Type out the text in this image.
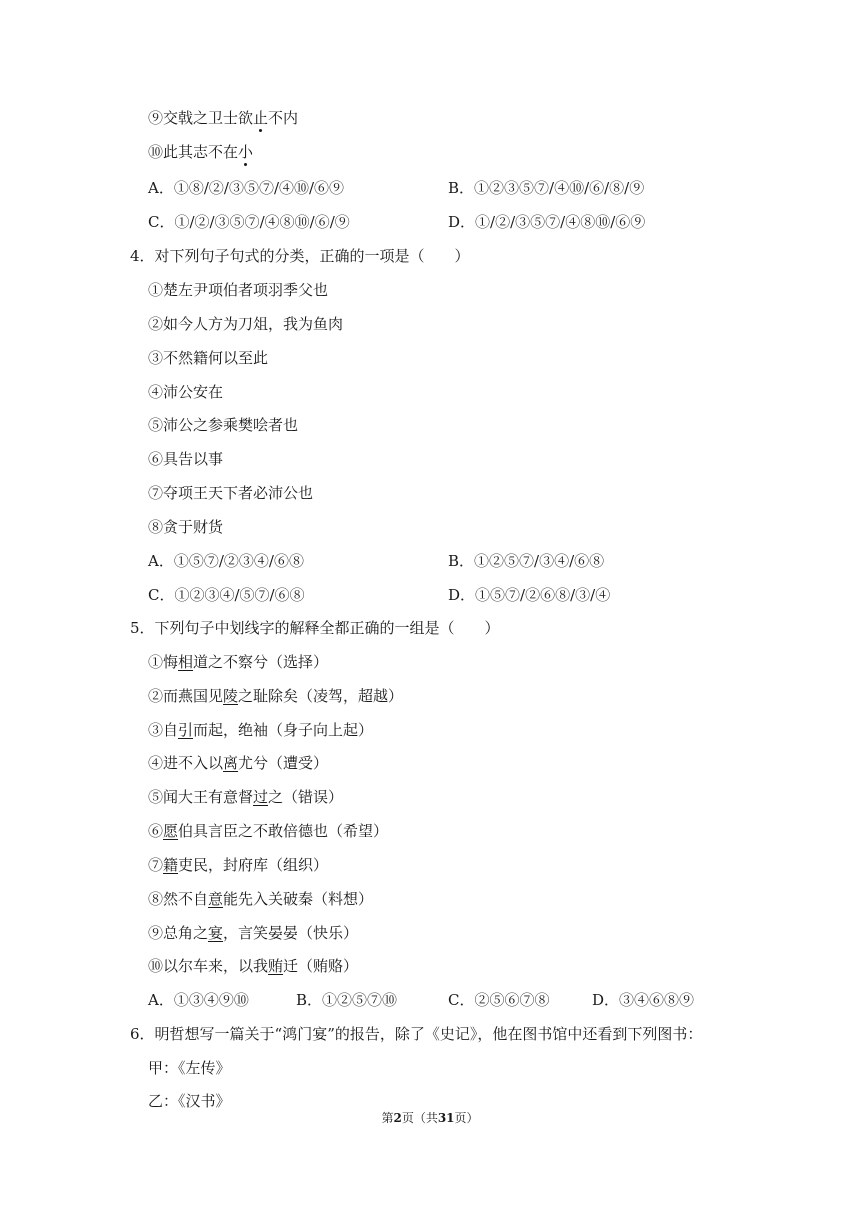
⑨交戟之卫士欲止不内
⑩此其志不在小
A．①⑧/②/③⑤⑦/④⑩/⑥⑨	B．①②③⑤⑦/④⑩/⑥/⑧/⑨
C．①/②/③⑤⑦/④⑧⑩/⑥/⑨	D．①/②/③⑤⑦/④⑧⑩/⑥⑨
4．对下列句子句式的分类，正确的一项是（　　）
①楚左尹项伯者项羽季父也
②如今人方为刀俎，我为鱼肉
③不然籍何以至此
④沛公安在
⑤沛公之参乘樊哙者也
⑥具告以事
⑦夺项王天下者必沛公也
⑧贪于财货
A．①⑤⑦/②③④/⑥⑧	B．①②⑤⑦/③④/⑥⑧
C．①②③④/⑤⑦/⑥⑧	D．①⑤⑦/②⑥⑧/③/④
5．下列句子中划线字的解释全都正确的一组是（　　）
①悔相道之不察兮（选择）
②而燕国见陵之耻除矣（凌驾，超越）
③自引而起，绝袖（身子向上起）
④进不入以离尤兮（遭受）
⑤闻大王有意督过之（错误）
⑥愿伯具言臣之不敢倍德也（希望）
⑦籍吏民，封府库（组织）
⑧然不自意能先入关破秦（料想）
⑨总角之宴，言笑晏晏（快乐）
⑩以尔车来，以我贿迁（贿赂）
A．①③④⑨⑩	B．①②⑤⑦⑩	C．②⑤⑥⑦⑧	D．③④⑥⑧⑨
6．明哲想写一篇关于“鸿门宴”的报告，除了《史记》，他在图书馆中还看到下列图书：
甲：《左传》
乙：《汉书》
第2页（共31页）
